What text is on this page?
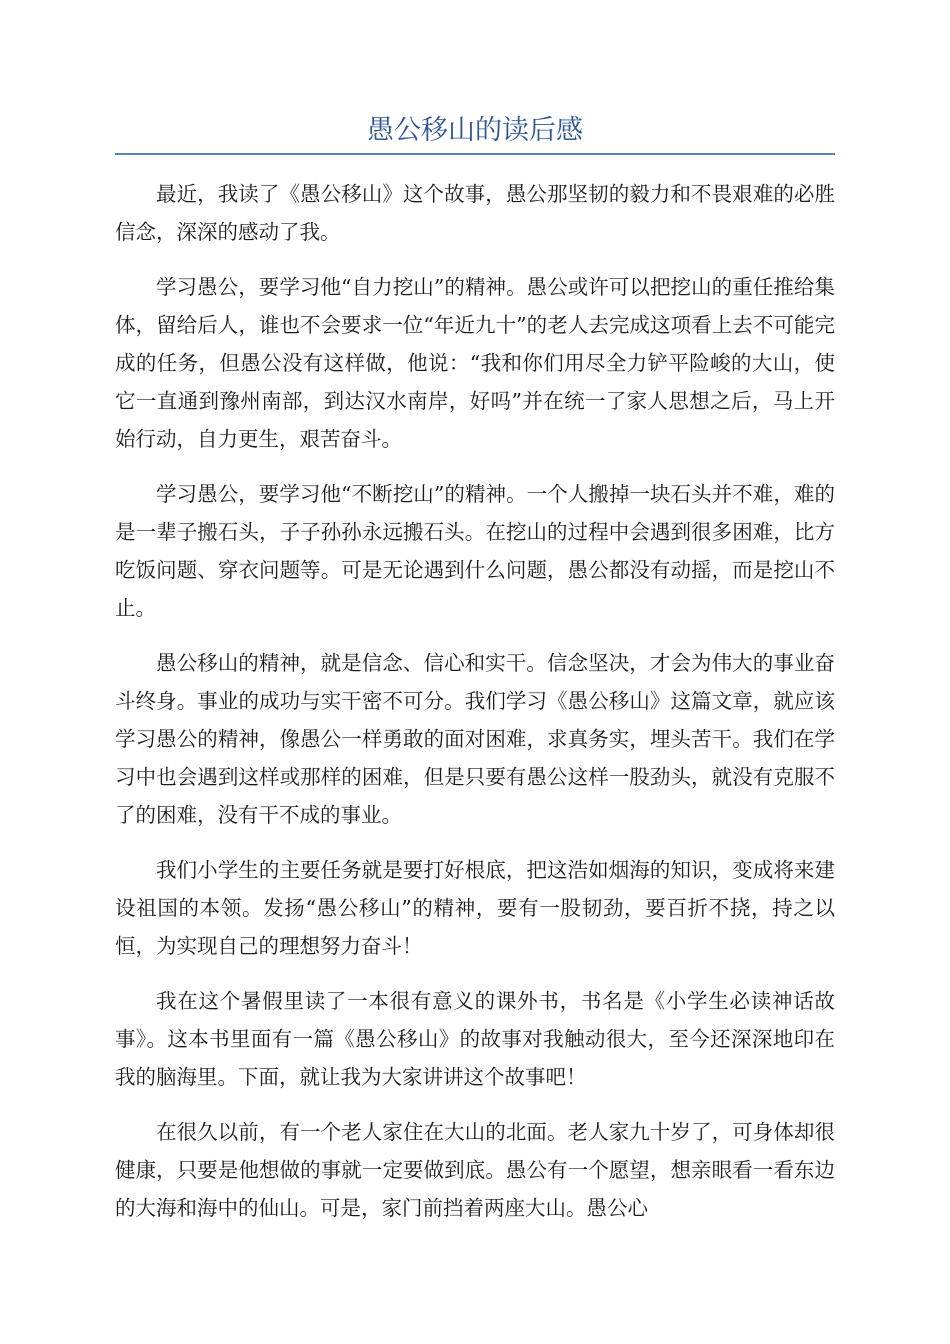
愚公移山的读后感

最近，我读了《愚公移山》这个故事，愚公那坚韧的毅力和不畏艰难的必胜信念，深深的感动了我。

学习愚公，要学习他“自力挖山”的精神。愚公或许可以把挖山的重任推给集体，留给后人，谁也不会要求一位“年近九十”的老人去完成这项看上去不可能完成的任务，但愚公没有这样做，他说：“我和你们用尽全力铲平险峻的大山，使它一直通到豫州南部，到达汉水南岸，好吗”并在统一了家人思想之后，马上开始行动，自力更生，艰苦奋斗。

学习愚公，要学习他“不断挖山”的精神。一个人搬掉一块石头并不难，难的是一辈子搬石头，子子孙孙永远搬石头。在挖山的过程中会遇到很多困难，比方吃饭问题、穿衣问题等。可是无论遇到什么问题，愚公都没有动摇，而是挖山不止。

愚公移山的精神，就是信念、信心和实干。信念坚决，才会为伟大的事业奋斗终身。事业的成功与实干密不可分。我们学习《愚公移山》这篇文章，就应该学习愚公的精神，像愚公一样勇敢的面对困难，求真务实，埋头苦干。我们在学习中也会遇到这样或那样的困难，但是只要有愚公这样一股劲头，就没有克服不了的困难，没有干不成的事业。

我们小学生的主要任务就是要打好根底，把这浩如烟海的知识，变成将来建设祖国的本领。发扬“愚公移山”的精神，要有一股韧劲，要百折不挠，持之以恒，为实现自己的理想努力奋斗！

我在这个暑假里读了一本很有意义的课外书，书名是《小学生必读神话故事》。这本书里面有一篇《愚公移山》的故事对我触动很大，至今还深深地印在我的脑海里。下面，就让我为大家讲讲这个故事吧！

在很久以前，有一个老人家住在大山的北面。老人家九十岁了，可身体却很健康，只要是他想做的事就一定要做到底。愚公有一个愿望，想亲眼看一看东边的大海和海中的仙山。可是，家门前挡着两座大山。愚公心
